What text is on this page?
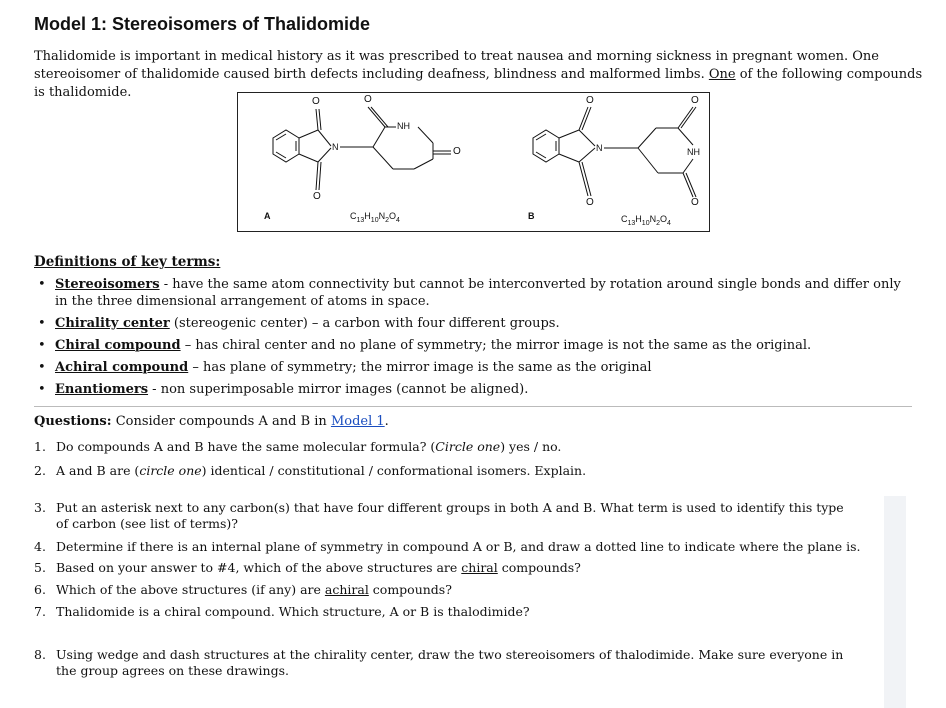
Model 1: Stereoisomers of Thalidomide
Thalidomide is important in medical history as it was prescribed to treat nausea and morning sickness in pregnant women. One stereoisomer of thalidomide caused birth defects including deafness, blindness and malformed limbs. One of the following compounds is thalidomide.
O	O
O
O
N
NH
A	$C_{13}H_{10}N_2O_4$
O	O
O	O
N	NH
B	$C_{13}H_{10}N_2O_4$
Definitions of key terms:
• Stereoisomers - have the same atom connectivity but cannot be interconverted by rotation around single bonds and differ only in the three dimensional arrangement of atoms in space.
• Chirality center (stereogenic center) – a carbon with four different groups.
• Chiral compound – has chiral center and no plane of symmetry; the mirror image is not the same as the original.
• Achiral compound – has plane of symmetry; the mirror image is the same as the original
• Enantiomers - non superimposable mirror images (cannot be aligned).
Questions: Consider compounds A and B in Model 1.
1. Do compounds A and B have the same molecular formula? (Circle one) yes / no.
2. A and B are (circle one) identical / constitutional / conformational isomers. Explain.
3. Put an asterisk next to any carbon(s) that have four different groups in both A and B. What term is used to identify this type of carbon (see list of terms)?
4. Determine if there is an internal plane of symmetry in compound A or B, and draw a dotted line to indicate where the plane is.
5. Based on your answer to #4, which of the above structures are chiral compounds?
6. Which of the above structures (if any) are achiral compounds?
7. Thalidomide is a chiral compound. Which structure, A or B is thalodimide?
8. Using wedge and dash structures at the chirality center, draw the two stereoisomers of thalodimide. Make sure everyone in the group agrees on these drawings.
